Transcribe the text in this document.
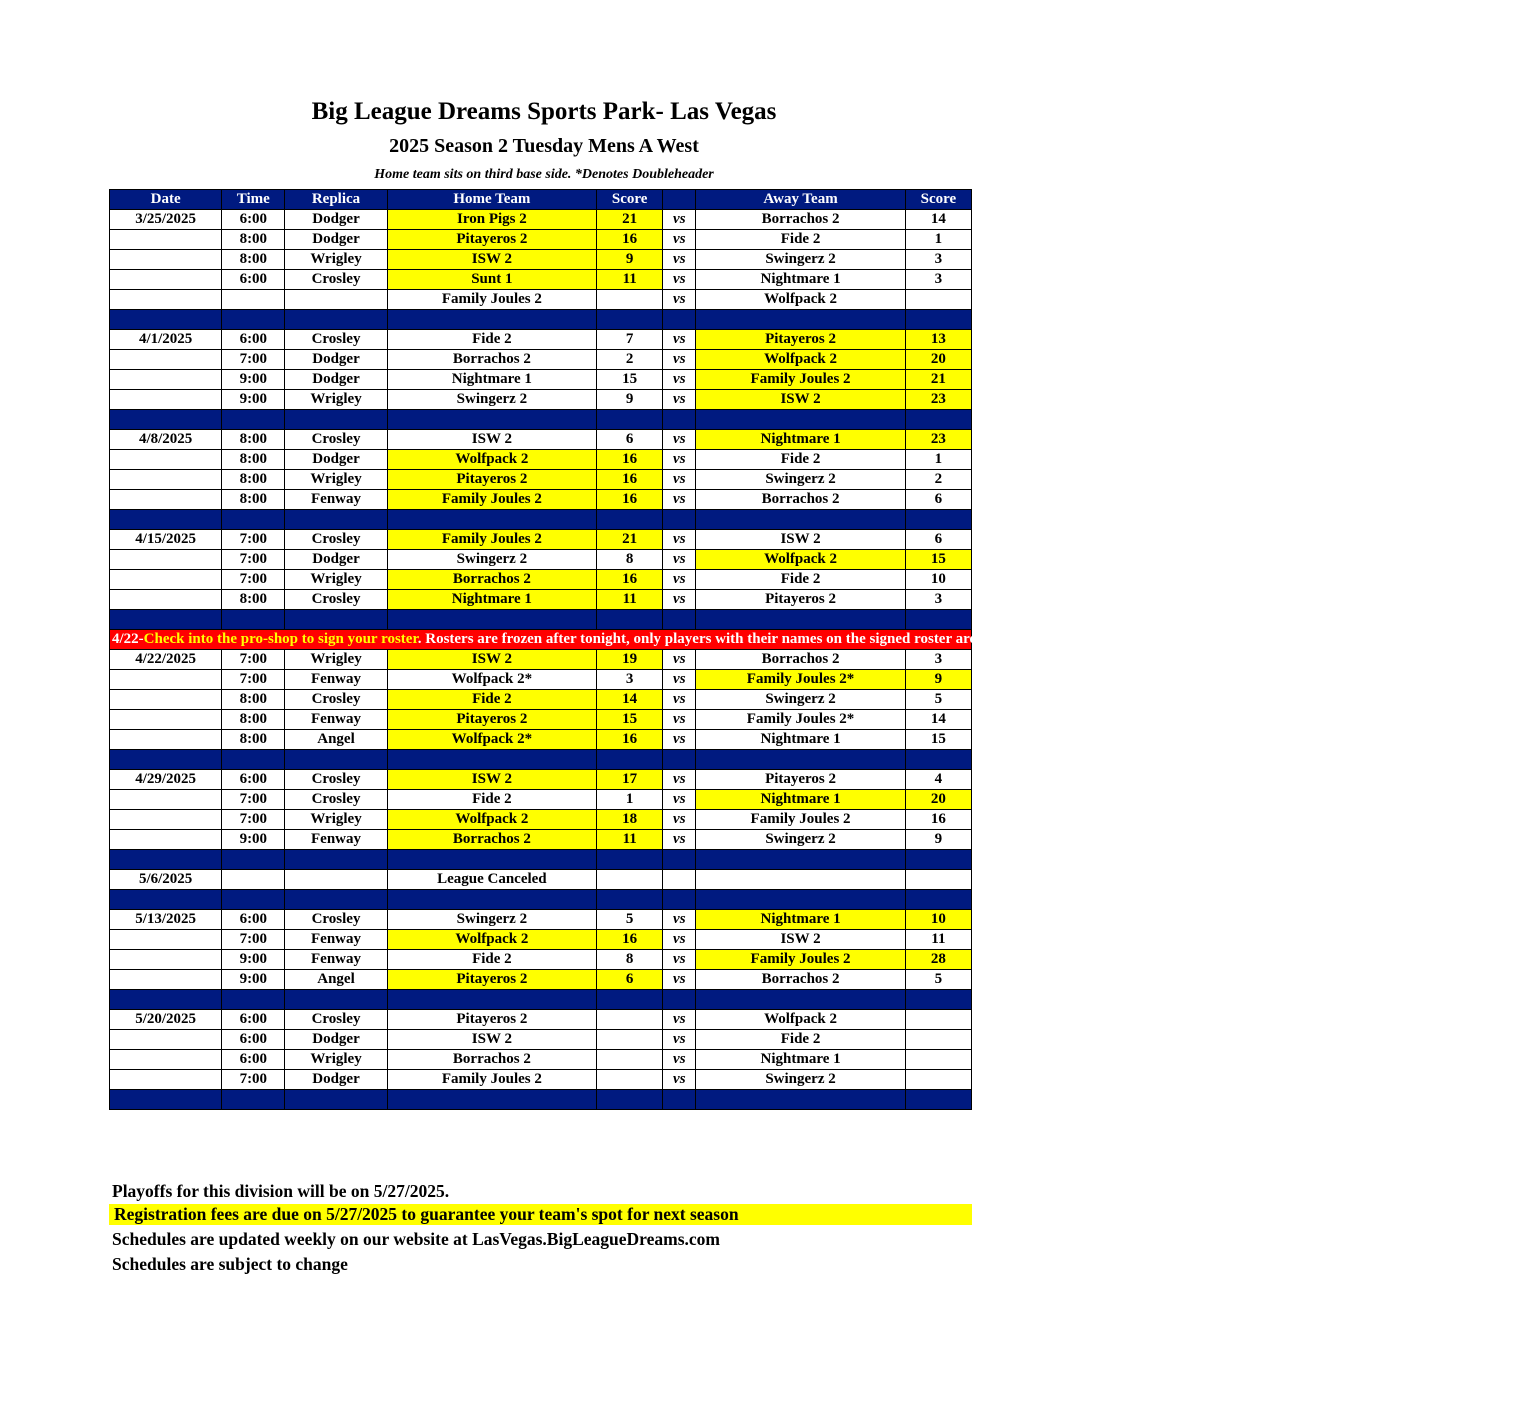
Big League Dreams Sports Park- Las Vegas
2025 Season 2 Tuesday Mens A West
Home team sits on third base side. *Denotes Doubleheader
Date	Time	Replica	Home Team	Score		Away Team	Score
3/25/2025	6:00	Dodger	Iron Pigs 2	21	vs	Borrachos 2	14
	8:00	Dodger	Pitayeros 2	16	vs	Fide 2	1
	8:00	Wrigley	ISW 2	9	vs	Swingerz 2	3
	6:00	Crosley	Sunt 1	11	vs	Nightmare 1	3
			Family Joules 2		vs	Wolfpack 2	

4/1/2025	6:00	Crosley	Fide 2	7	vs	Pitayeros 2	13
	7:00	Dodger	Borrachos 2	2	vs	Wolfpack 2	20
	9:00	Dodger	Nightmare 1	15	vs	Family Joules 2	21
	9:00	Wrigley	Swingerz 2	9	vs	ISW 2	23

4/8/2025	8:00	Crosley	ISW 2	6	vs	Nightmare 1	23
	8:00	Dodger	Wolfpack 2	16	vs	Fide 2	1
	8:00	Wrigley	Pitayeros 2	16	vs	Swingerz 2	2
	8:00	Fenway	Family Joules 2	16	vs	Borrachos 2	6

4/15/2025	7:00	Crosley	Family Joules 2	21	vs	ISW 2	6
	7:00	Dodger	Swingerz 2	8	vs	Wolfpack 2	15
	7:00	Wrigley	Borrachos 2	16	vs	Fide 2	10
	8:00	Crosley	Nightmare 1	11	vs	Pitayeros 2	3

4/22-Check into the pro-shop to sign your roster. Rosters are frozen after tonight, only players with their names on the signed roster are eligible for playoffs. Please check carefully as changes will not be made for omissions.							
4/22/2025	7:00	Wrigley	ISW 2	19	vs	Borrachos 2	3
	7:00	Fenway	Wolfpack 2*	3	vs	Family Joules 2*	9
	8:00	Crosley	Fide 2	14	vs	Swingerz 2	5
	8:00	Fenway	Pitayeros 2	15	vs	Family Joules 2*	14
	8:00	Angel	Wolfpack 2*	16	vs	Nightmare 1	15

4/29/2025	6:00	Crosley	ISW 2	17	vs	Pitayeros 2	4
	7:00	Crosley	Fide 2	1	vs	Nightmare 1	20
	7:00	Wrigley	Wolfpack 2	18	vs	Family Joules 2	16
	9:00	Fenway	Borrachos 2	11	vs	Swingerz 2	9

5/6/2025			League Canceled				

5/13/2025	6:00	Crosley	Swingerz 2	5	vs	Nightmare 1	10
	7:00	Fenway	Wolfpack 2	16	vs	ISW 2	11
	9:00	Fenway	Fide 2	8	vs	Family Joules 2	28
	9:00	Angel	Pitayeros 2	6	vs	Borrachos 2	5

5/20/2025	6:00	Crosley	Pitayeros 2		vs	Wolfpack 2	
	6:00	Dodger	ISW 2		vs	Fide 2	
	6:00	Wrigley	Borrachos 2		vs	Nightmare 1	
	7:00	Dodger	Family Joules 2		vs	Swingerz 2	

Playoffs for this division will be on 5/27/2025.
Registration fees are due on 5/27/2025 to guarantee your team's spot for next season
Schedules are updated weekly on our website at LasVegas.BigLeagueDreams.com
Schedules are subject to change
